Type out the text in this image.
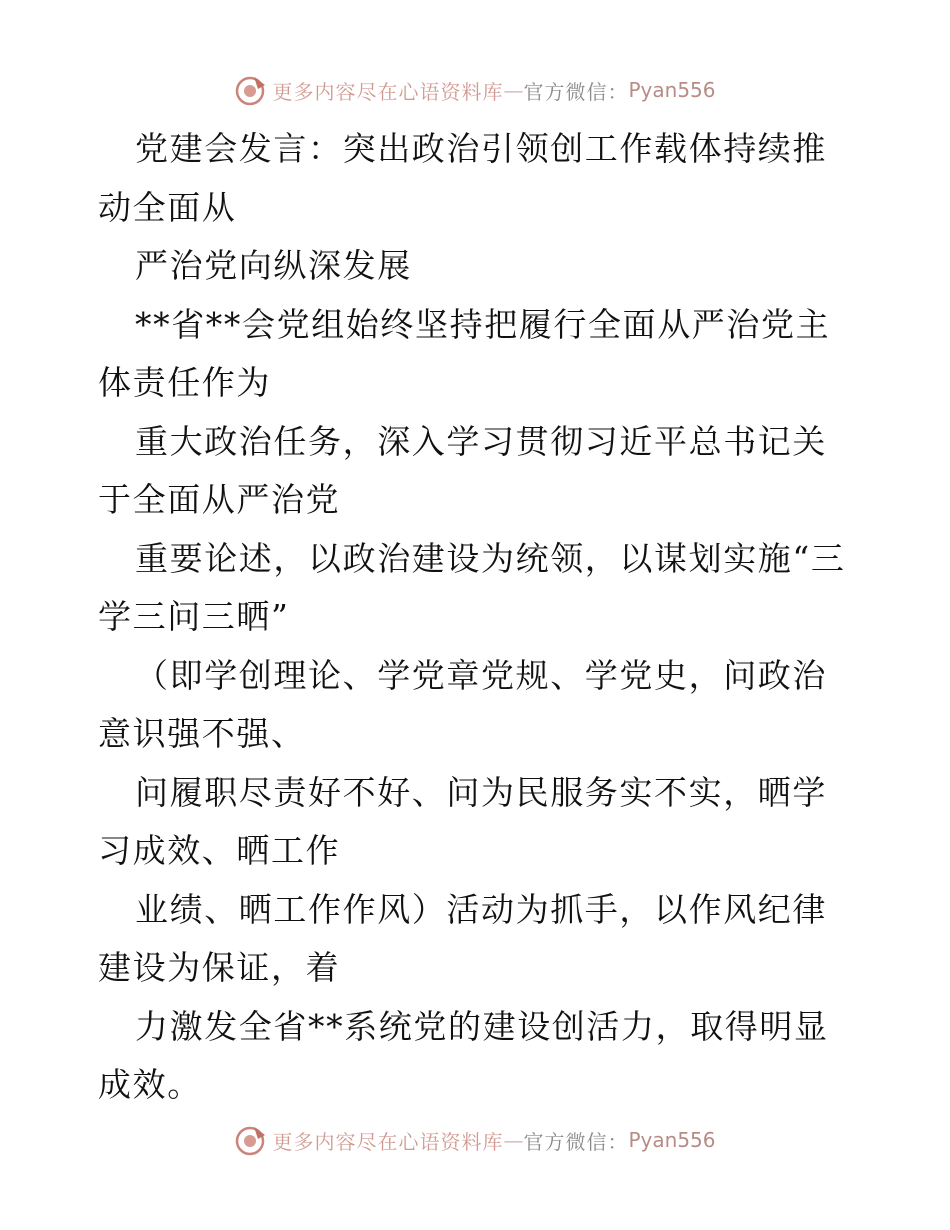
更多内容尽在心语资料库 — 官方微信： Pyan556

党建会发言：突出政治引领创工作载体持续推动全面从

严治党向纵深发展

**省**会党组始终坚持把履行全面从严治党主体责任作为

重大政治任务，深入学习贯彻习近平总书记关于全面从严治党

重要论述，以政治建设为统领，以谋划实施“三学三问三晒”

（即学创理论、学党章党规、学党史，问政治意识强不强、

问履职尽责好不好、问为民服务实不实，晒学习成效、晒工作

业绩、晒工作作风）活动为抓手，以作风纪律建设为保证，着

力激发全省**系统党的建设创活力，取得明显成效。

更多内容尽在心语资料库 — 官方微信： Pyan556
